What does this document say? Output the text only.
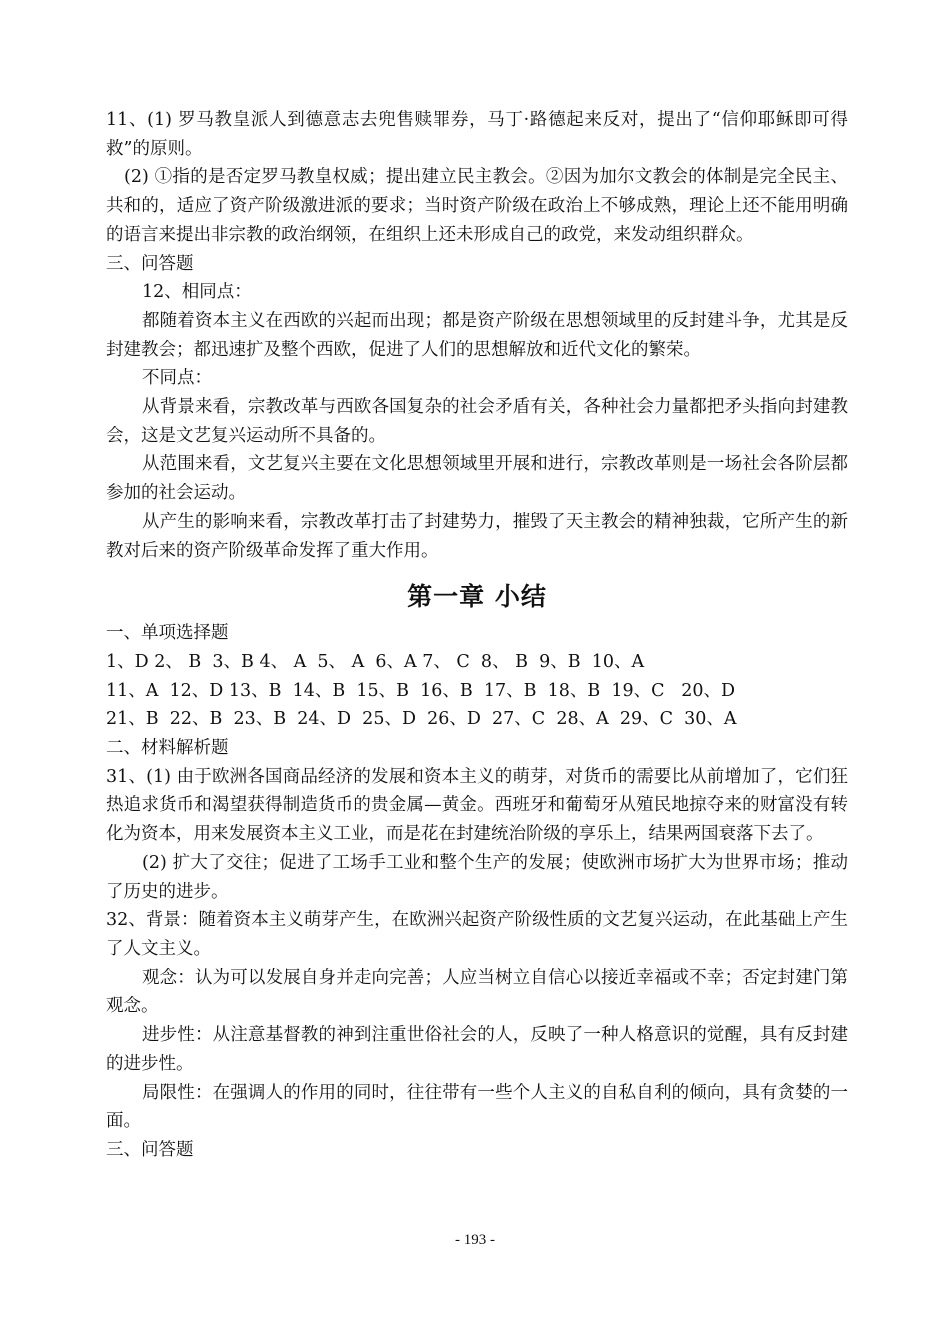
11、(1) 罗马教皇派人到德意志去兜售赎罪券，马丁·路德起来反对，提出了“信仰耶稣即可得救”的原则。

(2) ①指的是否定罗马教皇权威；提出建立民主教会。②因为加尔文教会的体制是完全民主、共和的，适应了资产阶级激进派的要求；当时资产阶级在政治上不够成熟，理论上还不能用明确的语言来提出非宗教的政治纲领，在组织上还未形成自己的政党，来发动组织群众。

三、问答题

12、相同点：

都随着资本主义在西欧的兴起而出现；都是资产阶级在思想领域里的反封建斗争，尤其是反封建教会；都迅速扩及整个西欧，促进了人们的思想解放和近代文化的繁荣。

不同点：

从背景来看，宗教改革与西欧各国复杂的社会矛盾有关，各种社会力量都把矛头指向封建教会，这是文艺复兴运动所不具备的。

从范围来看，文艺复兴主要在文化思想领域里开展和进行，宗教改革则是一场社会各阶层都参加的社会运动。

从产生的影响来看，宗教改革打击了封建势力，摧毁了天主教会的精神独裁，它所产生的新教对后来的资产阶级革命发挥了重大作用。

第一章 小结

一、单项选择题

1、D 2、 B  3、B 4、 A  5、 A  6、A 7、 C  8、 B  9、B  10、A

11、A  12、D 13、B  14、B  15、B  16、B  17、B  18、B  19、C   20、D

21、B  22、B  23、B  24、D  25、D  26、D  27、C  28、A  29、C  30、A

二、材料解析题

31、(1) 由于欧洲各国商品经济的发展和资本主义的萌芽，对货币的需要比从前增加了，它们狂热追求货币和渴望获得制造货币的贵金属—黄金。西班牙和葡萄牙从殖民地掠夺来的财富没有转化为资本，用来发展资本主义工业，而是花在封建统治阶级的享乐上，结果两国衰落下去了。

(2) 扩大了交往；促进了工场手工业和整个生产的发展；使欧洲市场扩大为世界市场；推动了历史的进步。

32、背景：随着资本主义萌芽产生，在欧洲兴起资产阶级性质的文艺复兴运动，在此基础上产生了人文主义。

观念：认为可以发展自身并走向完善；人应当树立自信心以接近幸福或不幸；否定封建门第观念。

进步性：从注意基督教的神到注重世俗社会的人，反映了一种人格意识的觉醒，具有反封建的进步性。

局限性：在强调人的作用的同时，往往带有一些个人主义的自私自利的倾向，具有贪婪的一面。

三、问答题

- 193 -
